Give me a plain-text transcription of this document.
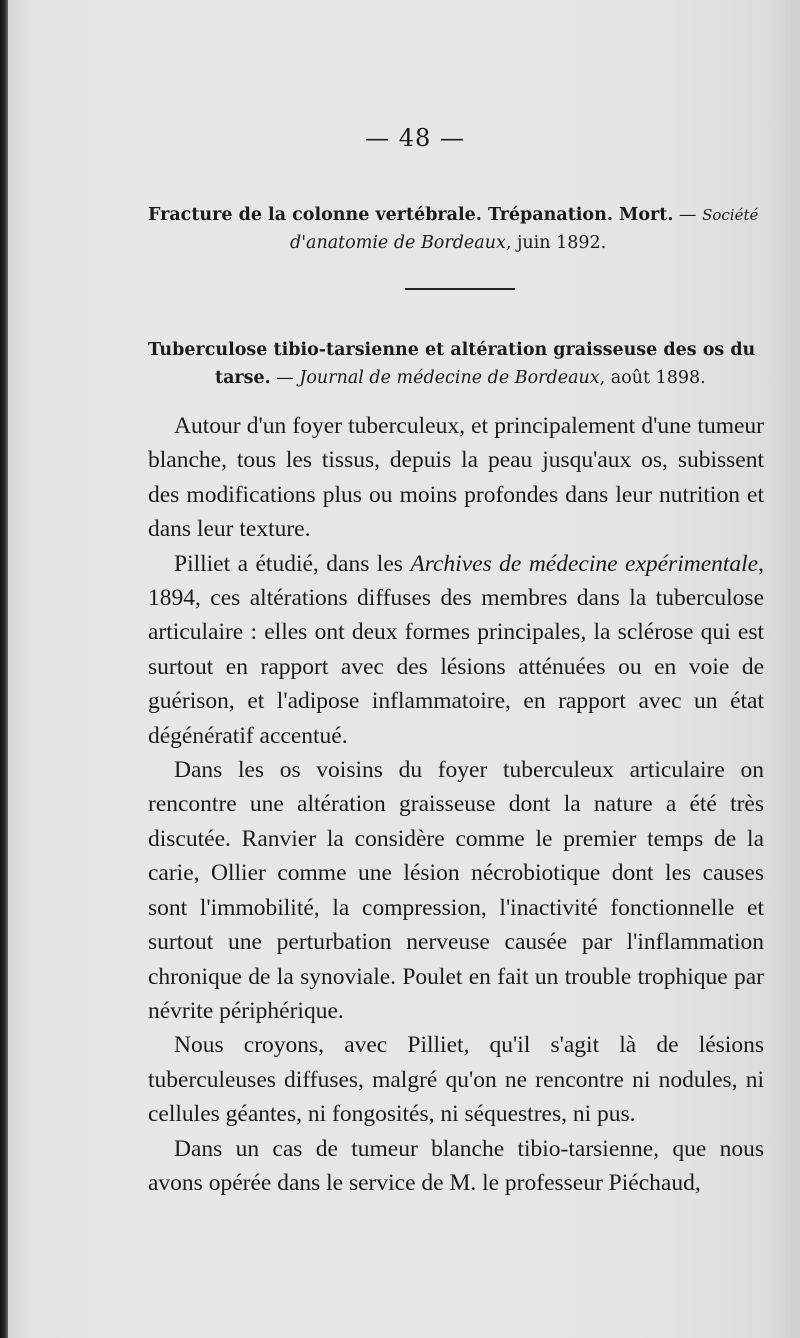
— 48 —
Fracture de la colonne vertébrale. Trépanation. Mort. — Société
d'anatomie de Bordeaux, juin 1892.
Tuberculose tibio-tarsienne et altération graisseuse des os du
tarse. — Journal de médecine de Bordeaux, août 1898.

Autour d'un foyer tuberculeux, et principalement d'une tumeur blanche, tous les tissus, depuis la peau jusqu'aux os, subissent des modifications plus ou moins profondes dans leur nutrition et dans leur texture.

Pilliet a étudié, dans les Archives de médecine expérimentale, 1894, ces altérations diffuses des membres dans la tuberculose articulaire : elles ont deux formes principales, la sclérose qui est surtout en rapport avec des lésions atténuées ou en voie de guérison, et l'adipose inflammatoire, en rapport avec un état dégénératif accentué.

Dans les os voisins du foyer tuberculeux articulaire on rencontre une altération graisseuse dont la nature a été très discutée. Ranvier la considère comme le premier temps de la carie, Ollier comme une lésion nécrobiotique dont les causes sont l'immobilité, la compression, l'inactivité fonctionnelle et surtout une perturbation nerveuse causée par l'inflammation chronique de la synoviale. Poulet en fait un trouble trophique par névrite périphérique.

Nous croyons, avec Pilliet, qu'il s'agit là de lésions tuberculeuses diffuses, malgré qu'on ne rencontre ni nodules, ni cellules géantes, ni fongosités, ni séquestres, ni pus.

Dans un cas de tumeur blanche tibio-tarsienne, que nous avons opérée dans le service de M. le professeur Piéchaud,
